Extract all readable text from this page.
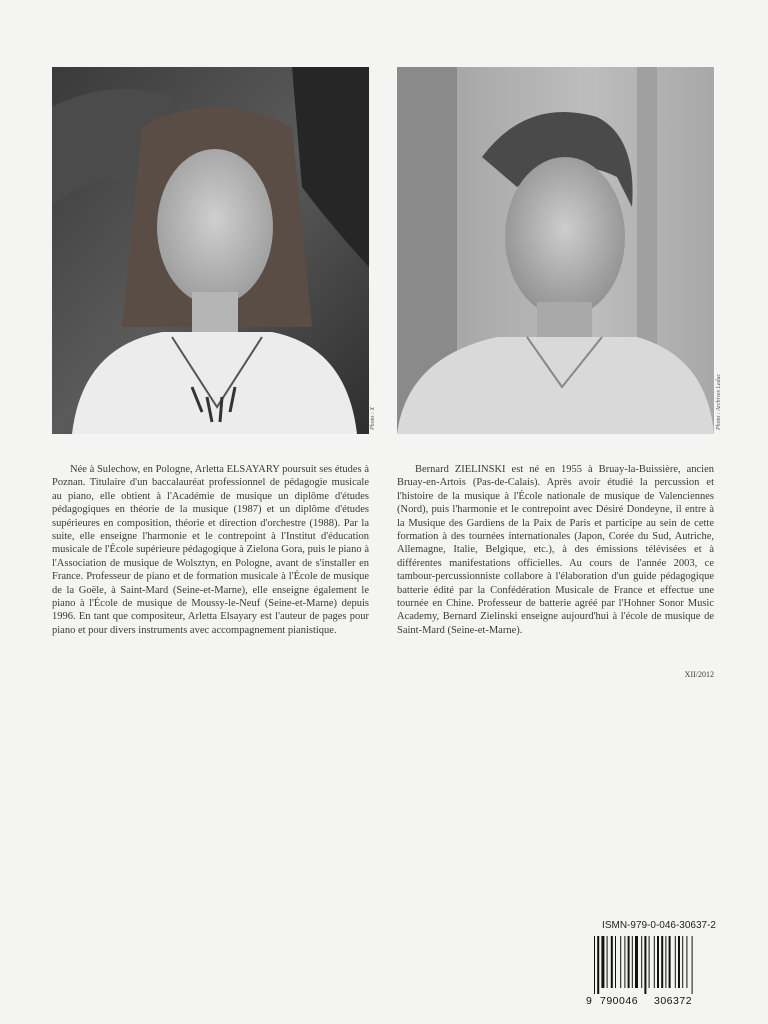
Photo : X	Photo : Archives Leduc

Née à Sulechow, en Pologne, Arletta ELSAYARY poursuit ses études à Poznan. Titulaire d'un baccalauréat professionnel de pédagogie musicale au piano, elle obtient à l'Académie de musique un diplôme d'études pédagogiques en théorie de la musique (1987) et un diplôme d'études supérieures en composition, théorie et direction d'orchestre (1988). Par la suite, elle enseigne l'harmonie et le contrepoint à l'Institut d'éducation musicale de l'École supérieure pédagogique à Zielona Gora, puis le piano à l'Association de musique de Wolsztyn, en Pologne, avant de s'installer en France. Professeur de piano et de formation musicale à l'École de musique de la Goële, à Saint-Mard (Seine-et-Marne), elle enseigne également le piano à l'École de musique de Moussy-le-Neuf (Seine-et-Marne) depuis 1996. En tant que compositeur, Arletta Elsayary est l'auteur de pages pour piano et pour divers instruments avec accompagnement pianistique.

Bernard ZIELINSKI est né en 1955 à Bruay-la-Buissière, ancien Bruay-en-Artois (Pas-de-Calais). Après avoir étudié la percussion et l'histoire de la musique à l'École nationale de musique de Valenciennes (Nord), puis l'harmonie et le contrepoint avec Désiré Dondeyne, il entre à la Musique des Gardiens de la Paix de Paris et participe au sein de cette formation à des tournées internationales (Japon, Corée du Sud, Autriche, Allemagne, Italie, Belgique, etc.), à des émissions télévisées et à différentes manifestations officielles. Au cours de l'année 2003, ce tambour-percussionniste collabore à l'élaboration d'un guide pédagogique batterie édité par la Confédération Musicale de France et effectue une tournée en Chine. Professeur de batterie agréé par l'Hohner Sonor Music Academy, Bernard Zielinski enseigne aujourd'hui à l'école de musique de Saint-Mard (Seine-et-Marne).

XII/2012
ISMN-979-0-046-30637-2
9 790046 306372
